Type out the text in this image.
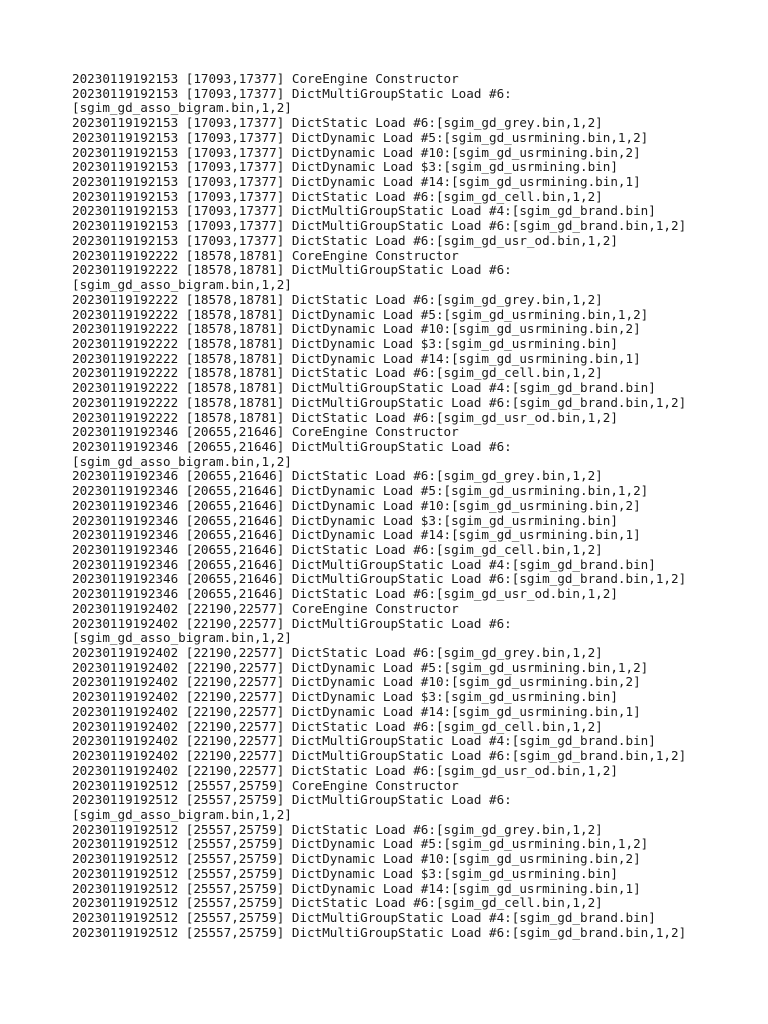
20230119192153 [17093,17377] CoreEngine Constructor
20230119192153 [17093,17377] DictMultiGroupStatic Load #6:
[sgim_gd_asso_bigram.bin,1,2]
20230119192153 [17093,17377] DictStatic Load #6:[sgim_gd_grey.bin,1,2]
20230119192153 [17093,17377] DictDynamic Load #5:[sgim_gd_usrmining.bin,1,2]
20230119192153 [17093,17377] DictDynamic Load #10:[sgim_gd_usrmining.bin,2]
20230119192153 [17093,17377] DictDynamic Load $3:[sgim_gd_usrmining.bin]
20230119192153 [17093,17377] DictDynamic Load #14:[sgim_gd_usrmining.bin,1]
20230119192153 [17093,17377] DictStatic Load #6:[sgim_gd_cell.bin,1,2]
20230119192153 [17093,17377] DictMultiGroupStatic Load #4:[sgim_gd_brand.bin]
20230119192153 [17093,17377] DictMultiGroupStatic Load #6:[sgim_gd_brand.bin,1,2]
20230119192153 [17093,17377] DictStatic Load #6:[sgim_gd_usr_od.bin,1,2]
20230119192222 [18578,18781] CoreEngine Constructor
20230119192222 [18578,18781] DictMultiGroupStatic Load #6:
[sgim_gd_asso_bigram.bin,1,2]
20230119192222 [18578,18781] DictStatic Load #6:[sgim_gd_grey.bin,1,2]
20230119192222 [18578,18781] DictDynamic Load #5:[sgim_gd_usrmining.bin,1,2]
20230119192222 [18578,18781] DictDynamic Load #10:[sgim_gd_usrmining.bin,2]
20230119192222 [18578,18781] DictDynamic Load $3:[sgim_gd_usrmining.bin]
20230119192222 [18578,18781] DictDynamic Load #14:[sgim_gd_usrmining.bin,1]
20230119192222 [18578,18781] DictStatic Load #6:[sgim_gd_cell.bin,1,2]
20230119192222 [18578,18781] DictMultiGroupStatic Load #4:[sgim_gd_brand.bin]
20230119192222 [18578,18781] DictMultiGroupStatic Load #6:[sgim_gd_brand.bin,1,2]
20230119192222 [18578,18781] DictStatic Load #6:[sgim_gd_usr_od.bin,1,2]
20230119192346 [20655,21646] CoreEngine Constructor
20230119192346 [20655,21646] DictMultiGroupStatic Load #6:
[sgim_gd_asso_bigram.bin,1,2]
20230119192346 [20655,21646] DictStatic Load #6:[sgim_gd_grey.bin,1,2]
20230119192346 [20655,21646] DictDynamic Load #5:[sgim_gd_usrmining.bin,1,2]
20230119192346 [20655,21646] DictDynamic Load #10:[sgim_gd_usrmining.bin,2]
20230119192346 [20655,21646] DictDynamic Load $3:[sgim_gd_usrmining.bin]
20230119192346 [20655,21646] DictDynamic Load #14:[sgim_gd_usrmining.bin,1]
20230119192346 [20655,21646] DictStatic Load #6:[sgim_gd_cell.bin,1,2]
20230119192346 [20655,21646] DictMultiGroupStatic Load #4:[sgim_gd_brand.bin]
20230119192346 [20655,21646] DictMultiGroupStatic Load #6:[sgim_gd_brand.bin,1,2]
20230119192346 [20655,21646] DictStatic Load #6:[sgim_gd_usr_od.bin,1,2]
20230119192402 [22190,22577] CoreEngine Constructor
20230119192402 [22190,22577] DictMultiGroupStatic Load #6:
[sgim_gd_asso_bigram.bin,1,2]
20230119192402 [22190,22577] DictStatic Load #6:[sgim_gd_grey.bin,1,2]
20230119192402 [22190,22577] DictDynamic Load #5:[sgim_gd_usrmining.bin,1,2]
20230119192402 [22190,22577] DictDynamic Load #10:[sgim_gd_usrmining.bin,2]
20230119192402 [22190,22577] DictDynamic Load $3:[sgim_gd_usrmining.bin]
20230119192402 [22190,22577] DictDynamic Load #14:[sgim_gd_usrmining.bin,1]
20230119192402 [22190,22577] DictStatic Load #6:[sgim_gd_cell.bin,1,2]
20230119192402 [22190,22577] DictMultiGroupStatic Load #4:[sgim_gd_brand.bin]
20230119192402 [22190,22577] DictMultiGroupStatic Load #6:[sgim_gd_brand.bin,1,2]
20230119192402 [22190,22577] DictStatic Load #6:[sgim_gd_usr_od.bin,1,2]
20230119192512 [25557,25759] CoreEngine Constructor
20230119192512 [25557,25759] DictMultiGroupStatic Load #6:
[sgim_gd_asso_bigram.bin,1,2]
20230119192512 [25557,25759] DictStatic Load #6:[sgim_gd_grey.bin,1,2]
20230119192512 [25557,25759] DictDynamic Load #5:[sgim_gd_usrmining.bin,1,2]
20230119192512 [25557,25759] DictDynamic Load #10:[sgim_gd_usrmining.bin,2]
20230119192512 [25557,25759] DictDynamic Load $3:[sgim_gd_usrmining.bin]
20230119192512 [25557,25759] DictDynamic Load #14:[sgim_gd_usrmining.bin,1]
20230119192512 [25557,25759] DictStatic Load #6:[sgim_gd_cell.bin,1,2]
20230119192512 [25557,25759] DictMultiGroupStatic Load #4:[sgim_gd_brand.bin]
20230119192512 [25557,25759] DictMultiGroupStatic Load #6:[sgim_gd_brand.bin,1,2]
